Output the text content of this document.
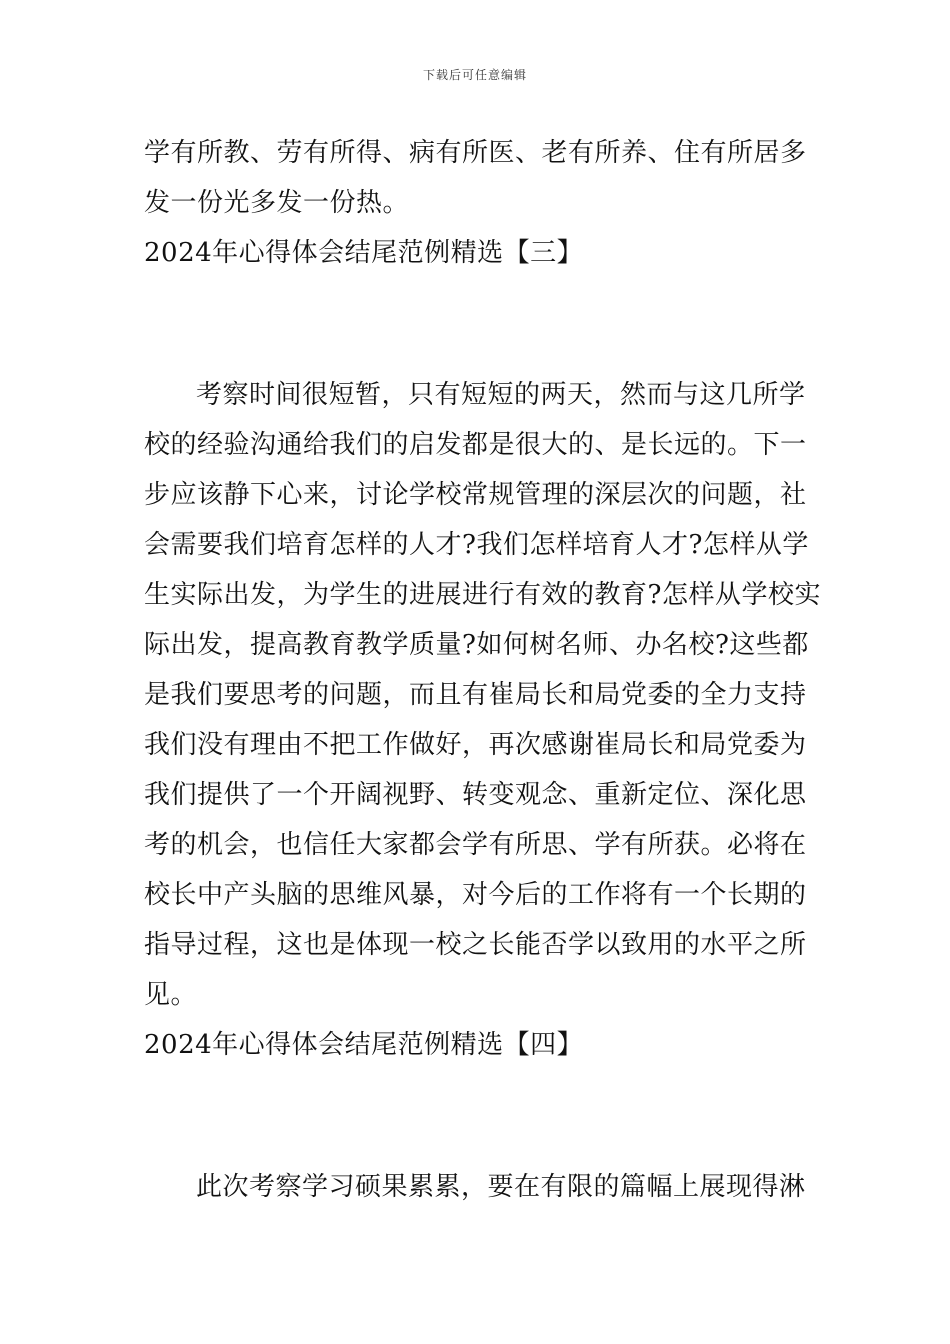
下载后可任意编辑
学有所教、劳有所得、病有所医、老有所养、住有所居多
发一份光多发一份热。
2024年心得体会结尾范例精选【三】
考察时间很短暂，只有短短的两天，然而与这几所学
校的经验沟通给我们的启发都是很大的、是长远的。下一
步应该静下心来，讨论学校常规管理的深层次的问题，社
会需要我们培育怎样的人才?我们怎样培育人才?怎样从学
生实际出发，为学生的进展进行有效的教育?怎样从学校实
际出发，提高教育教学质量?如何树名师、办名校?这些都
是我们要思考的问题，而且有崔局长和局党委的全力支持
我们没有理由不把工作做好，再次感谢崔局长和局党委为
我们提供了一个开阔视野、转变观念、重新定位、深化思
考的机会，也信任大家都会学有所思、学有所获。必将在
校长中产头脑的思维风暴，对今后的工作将有一个长期的
指导过程，这也是体现一校之长能否学以致用的水平之所
见。
2024年心得体会结尾范例精选【四】
此次考察学习硕果累累，要在有限的篇幅上展现得淋
